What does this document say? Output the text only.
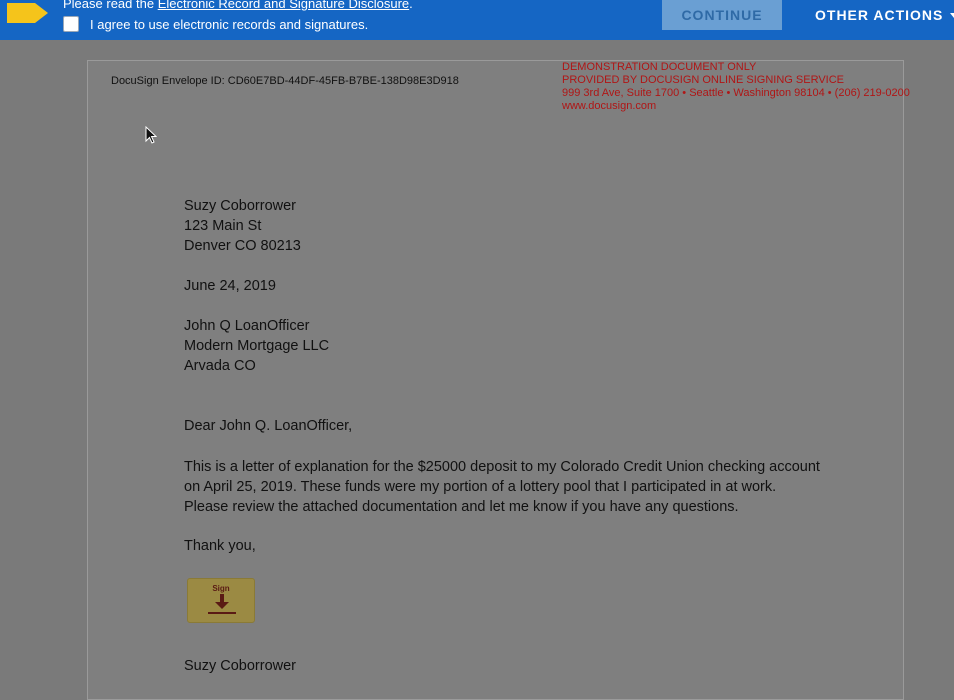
Please read the Electronic Record and Signature Disclosure.
I agree to use electronic records and signatures.
CONTINUE	OTHER ACTIONS
DocuSign Envelope ID: CD60E7BD-44DF-45FB-B7BE-138D98E3D918
DEMONSTRATION DOCUMENT ONLY
PROVIDED BY DOCUSIGN ONLINE SIGNING SERVICE
999 3rd Ave, Suite 1700 • Seattle • Washington 98104 • (206) 219-0200
www.docusign.com
Suzy Coborrower
123 Main St
Denver CO 80213
June 24, 2019
John Q LoanOfficer
Modern Mortgage LLC
Arvada CO
Dear John Q. LoanOfficer,
This is a letter of explanation for the $25000 deposit to my Colorado Credit Union checking account on April 25, 2019. These funds were my portion of a lottery pool that I participated in at work. Please review the attached documentation and let me know if you have any questions.
Thank you,
Sign
Suzy Coborrower
